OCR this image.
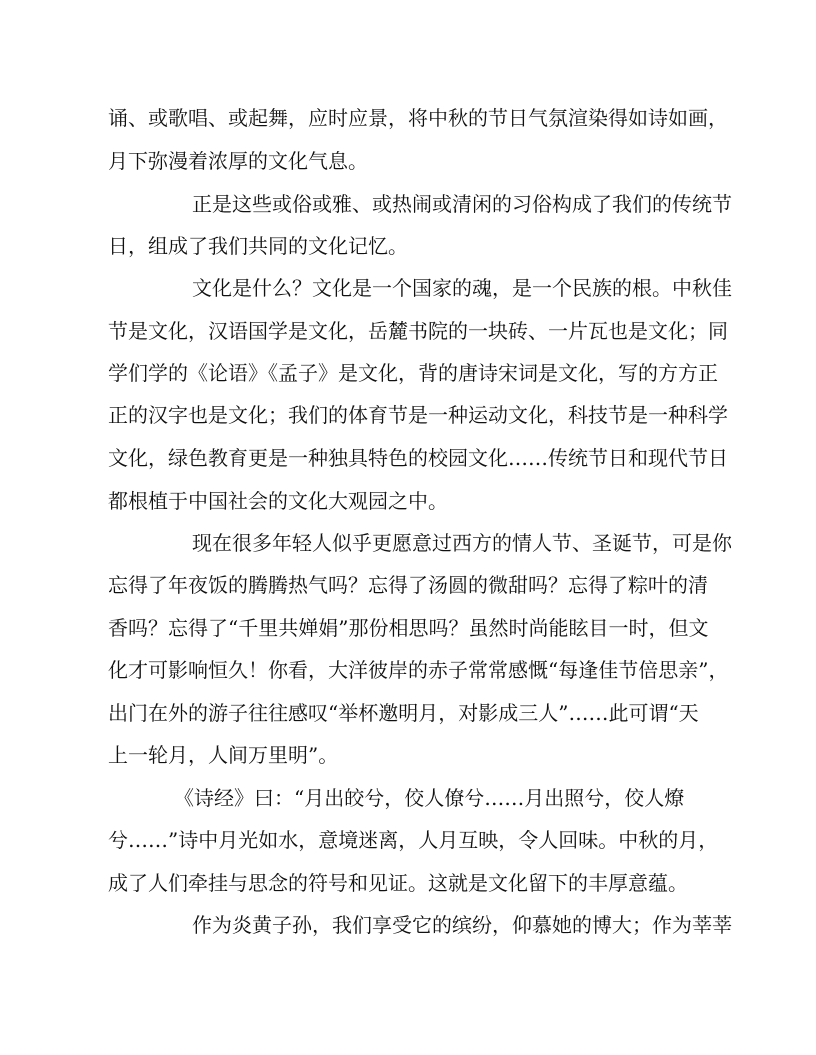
诵、或歌唱、或起舞，应时应景，将中秋的节日气氛渲染得如诗如画，
月下弥漫着浓厚的文化气息。
正是这些或俗或雅、或热闹或清闲的习俗构成了我们的传统节
日，组成了我们共同的文化记忆。
文化是什么？文化是一个国家的魂，是一个民族的根。中秋佳
节是文化，汉语国学是文化，岳麓书院的一块砖、一片瓦也是文化；同
学们学的《论语》《孟子》是文化，背的唐诗宋词是文化，写的方方正
正的汉字也是文化；我们的体育节是一种运动文化，科技节是一种科学
文化，绿色教育更是一种独具特色的校园文化……传统节日和现代节日
都根植于中国社会的文化大观园之中。
现在很多年轻人似乎更愿意过西方的情人节、圣诞节，可是你
忘得了年夜饭的腾腾热气吗？忘得了汤圆的微甜吗？忘得了粽叶的清
香吗？忘得了“千里共婵娟”那份相思吗？虽然时尚能眩目一时，但文
化才可影响恒久！你看，大洋彼岸的赤子常常感慨“每逢佳节倍思亲”，
出门在外的游子往往感叹“举杯邀明月，对影成三人”……此可谓“天
上一轮月，人间万里明”。
《诗经》曰：“月出皎兮，佼人僚兮……月出照兮，佼人燎
兮……”诗中月光如水，意境迷离，人月互映，令人回味。中秋的月，
成了人们牵挂与思念的符号和见证。这就是文化留下的丰厚意蕴。
作为炎黄子孙，我们享受它的缤纷，仰慕她的博大；作为莘莘
